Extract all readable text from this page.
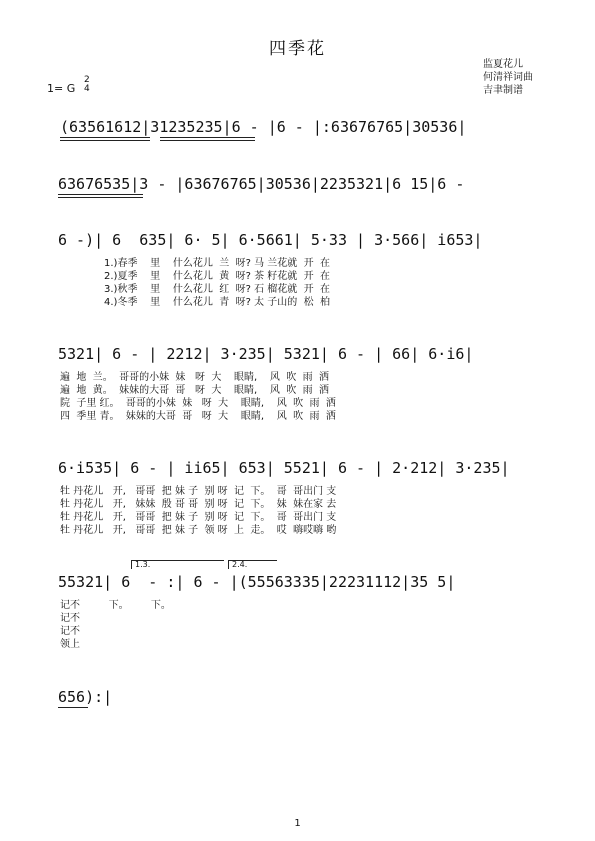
四季花
监夏花儿
何清祥词曲
吉聿制谱
1= G
2
4
(63561612|31235235|6 - |6 - |:63676765|30536|
63676535|3 - |63676765|30536|2235321|6 15|6 -
6 -)| 6  635| 6· 5| 6·5661| 5·33 | 3·566| i653|
1.)春季    里    什么花儿  兰  呀? 马 兰花就  开  在
2.)夏季    里    什么花儿  黄  呀? 茶 籽花就  开  在
3.)秋季    里    什么花儿  红  呀? 石 榴花就  开  在
4.)冬季    里    什么花儿  青  呀? 太 子山的  松  柏
5321| 6 - | 2212| 3·235| 5321| 6 - | 66| 6·i6|
遍  地  兰。  哥哥的小妹  妹   呀  大    眼睛,    风  吹  雨  洒
遍  地  黄。  妹妹的大哥  哥   呀  大    眼睛,    风  吹  雨  洒
院  子里 红。  哥哥的小妹  妹   呀  大    眼睛,    风  吹  雨  洒
四  季里 青。  妹妹的大哥  哥   呀  大    眼睛,    风  吹  雨  洒
6·i535| 6 - | ii65| 653| 5521| 6 - | 2·212| 3·235|
牡 丹花儿   开,   哥哥  把 妹 子  别 呀  记  下。  哥  哥出门 支
牡 丹花儿   开,   妹妹  殷 哥 哥  别 呀  记  下。  妹  妹在家 去
牡 丹花儿   开,   哥哥  把 妹 子  别 呀  记  下。  哥  哥出门 支
牡 丹花儿   开,   哥哥  把 妹 子  领 呀  上  走。  哎  嗨哎嗨 哟
1.3.	2.4.
55321| 6  - :| 6 - |(55563335|22231112|35 5|
记不         下。       下。
记不
记不
领上
656):|
1
